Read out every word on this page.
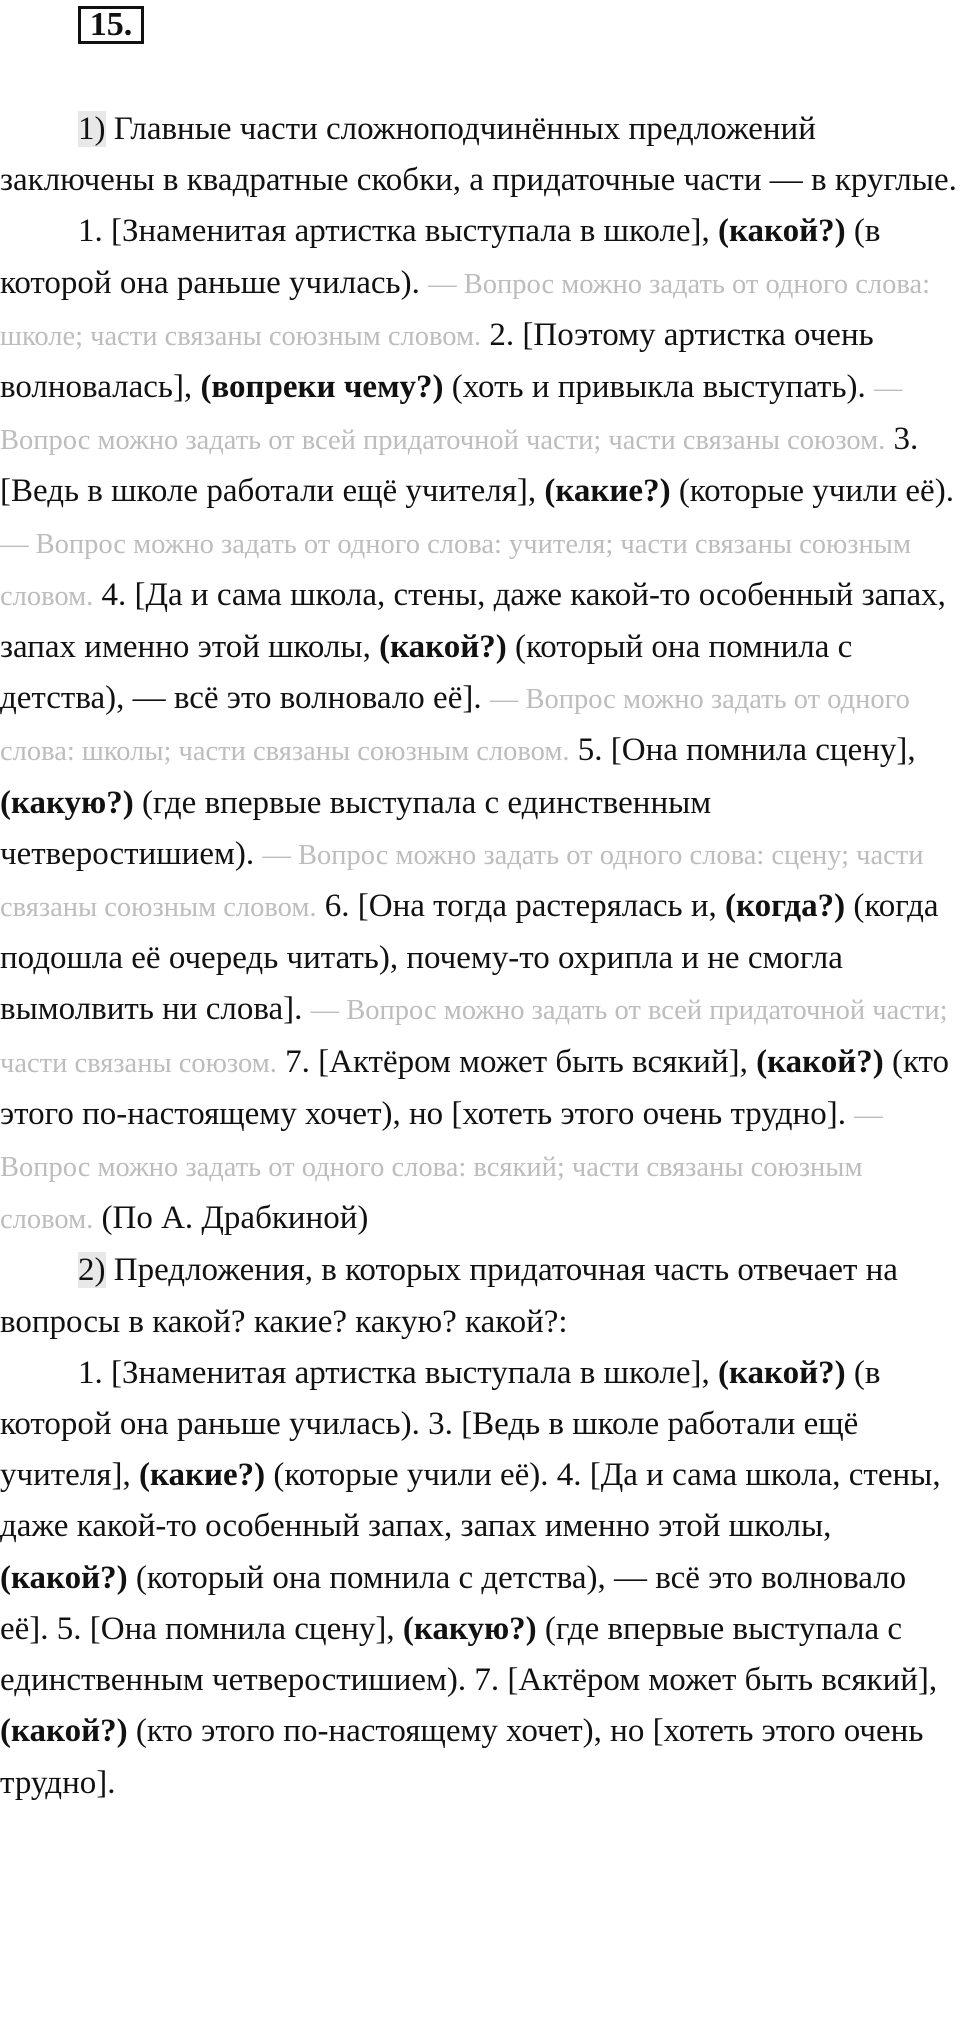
15.

1) Главные части сложноподчинённых предложений заключены в квадратные скобки, а придаточные части — в круглые.

1. [Знаменитая артистка выступала в школе], (какой?) (в которой она раньше училась). — Вопрос можно задать от одного слова: школе; части связаны союзным словом. 2. [Поэтому артистка очень волновалась], (вопреки чему?) (хоть и привыкла выступать). — Вопрос можно задать от всей придаточной части; части связаны союзом. 3. [Ведь в школе работали ещё учителя], (какие?) (которые учили её). — Вопрос можно задать от одного слова: учителя; части связаны союзным словом. 4. [Да и сама школа, стены, даже какой-то особенный запах, запах именно этой школы, (какой?) (который она помнила с детства), — всё это волновало её]. — Вопрос можно задать от одного слова: школы; части связаны союзным словом. 5. [Она помнила сцену], (какую?) (где впервые выступала с единственным четверостишием). — Вопрос можно задать от одного слова: сцену; части связаны союзным словом. 6. [Она тогда растерялась и, (когда?) (когда подошла её очередь читать), почему-то охрипла и не смогла вымолвить ни слова]. — Вопрос можно задать от всей придаточной части; части связаны союзом. 7. [Актёром может быть всякий], (какой?) (кто этого по-настоящему хочет), но [хотеть этого очень трудно]. — Вопрос можно задать от одного слова: всякий; части связаны союзным словом. (По А. Драбкиной)

2) Предложения, в которых придаточная часть отвечает на вопросы в какой? какие? какую? какой?:

1. [Знаменитая артистка выступала в школе], (какой?) (в которой она раньше училась). 3. [Ведь в школе работали ещё учителя], (какие?) (которые учили её). 4. [Да и сама школа, стены, даже какой-то особенный запах, запах именно этой школы, (какой?) (который она помнила с детства), — всё это волновало её]. 5. [Она помнила сцену], (какую?) (где впервые выступала с единственным четверостишием). 7. [Актёром может быть всякий], (какой?) (кто этого по-настоящему хочет), но [хотеть этого очень трудно].
